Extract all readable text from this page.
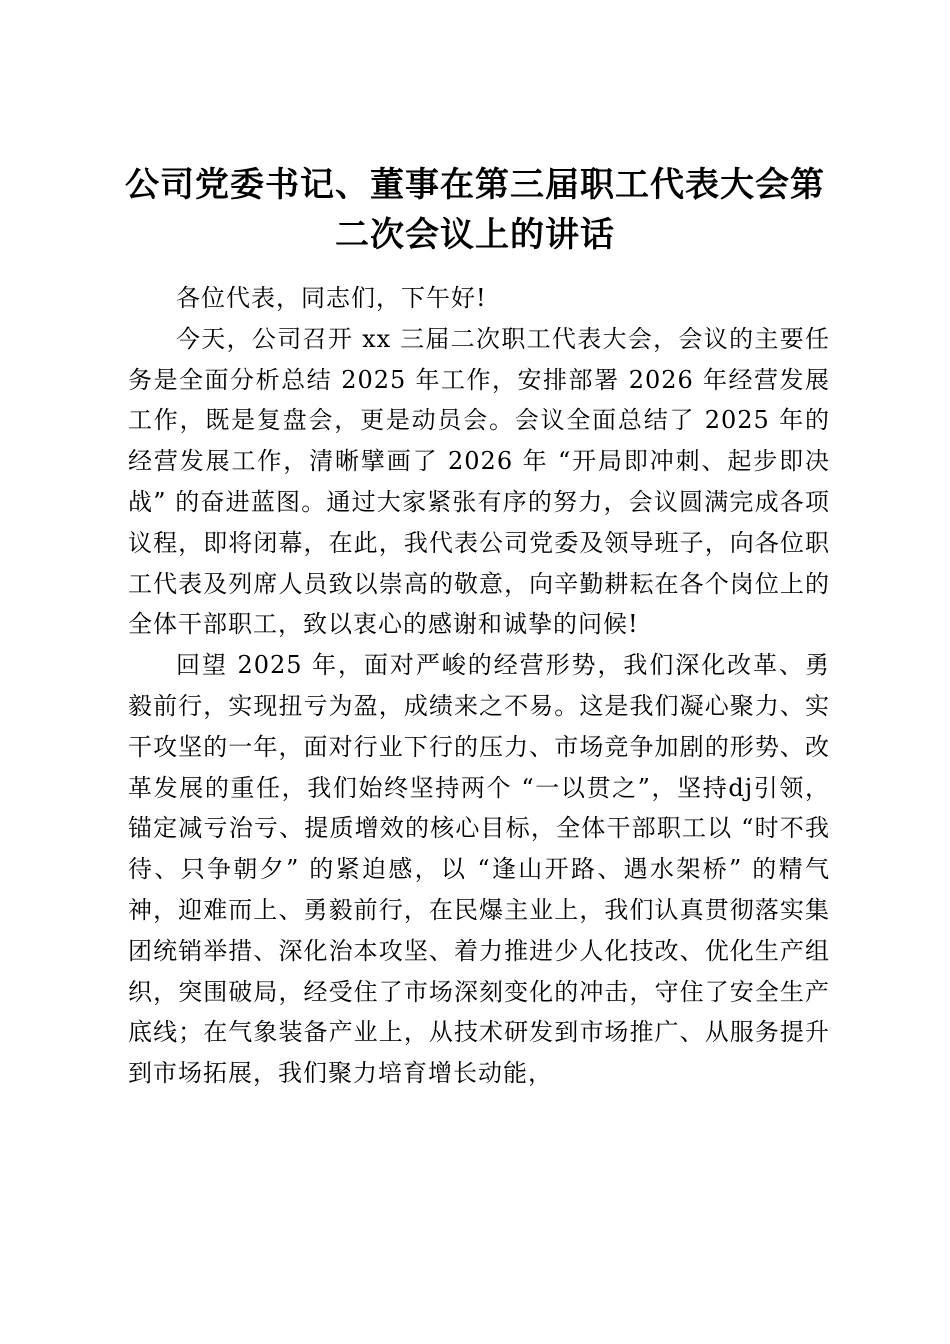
公司党委书记、董事在第三届职工代表大会第二次会议上的讲话

各位代表，同志们，下午好!

今天，公司召开 xx 三届二次职工代表大会，会议的主要任务是全面分析总结 2025 年工作，安排部署 2026 年经营发展工作，既是复盘会，更是动员会。会议全面总结了 2025 年的经营发展工作，清晰擘画了 2026 年 “开局即冲刺、起步即决战” 的奋进蓝图。通过大家紧张有序的努力，会议圆满完成各项议程，即将闭幕，在此，我代表公司党委及领导班子，向各位职工代表及列席人员致以崇高的敬意，向辛勤耕耘在各个岗位上的全体干部职工，致以衷心的感谢和诚挚的问候!

回望 2025 年，面对严峻的经营形势，我们深化改革、勇毅前行，实现扭亏为盈，成绩来之不易。这是我们凝心聚力、实干攻坚的一年，面对行业下行的压力、市场竞争加剧的形势、改革发展的重任，我们始终坚持两个 “一以贯之”，坚持dj引领，锚定减亏治亏、提质增效的核心目标，全体干部职工以 “时不我待、只争朝夕” 的紧迫感，以 “逢山开路、遇水架桥” 的精气神，迎难而上、勇毅前行，在民爆主业上，我们认真贯彻落实集团统销举措、深化治本攻坚、着力推进少人化技改、优化生产组织，突围破局，经受住了市场深刻变化的冲击，守住了安全生产底线；在气象装备产业上，从技术研发到市场推广、从服务提升到市场拓展，我们聚力培育增长动能，
